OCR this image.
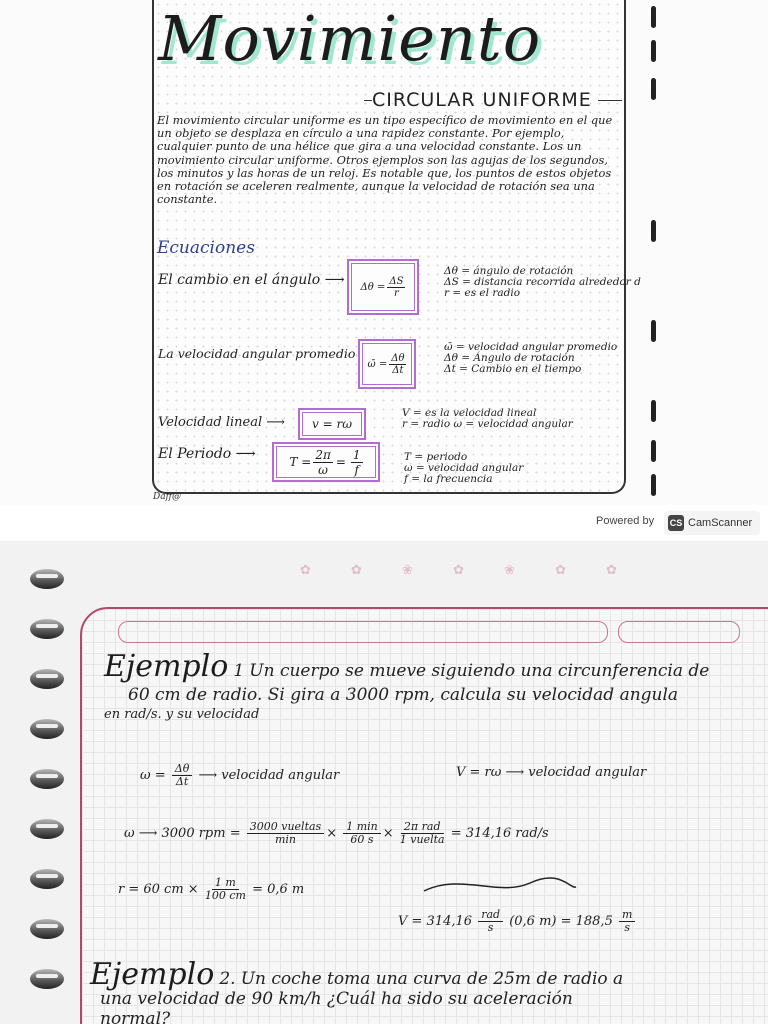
Movimiento
CIRCULAR UNIFORME
El movimiento circular uniforme es un tipo específico de movimiento en el que un objeto se desplaza en círculo a una rapidez constante. Por ejemplo, cualquier punto de una hélice que gira a una velocidad constante. Los un movimiento circular uniforme. Otros ejemplos son las agujas de los segundos, los minutos y las horas de un reloj. Es notable que, los puntos de estos objetos en rotación se aceleren realmente, aunque la velocidad de rotación sea una constante.
Ecuaciones
El cambio en el ángulo ⟶ $\Delta\theta = \frac{\Delta S}{r}$
Δθ = ángulo de rotación
ΔS = distancia recorrida alrededor d
r = es el radio
La velocidad angular promedio
ω̄ = $\frac{\Delta\theta}{\Delta t}$
ω̄ = velocidad angular promedio
Δθ = Ángulo de rotación
Δt = Cambio en el tiempo
Velocidad lineal ⟶ v = rω
V = es la velocidad lineal
r = radio ω = velocidad angular
El Periodo ⟶	$T = \frac{2\pi}{\omega} = \frac{1}{f}$	T = periodo
ω = velocidad angular
f = la frecuencia
Daff@
Powered by CS CamScanner
✿ ✿ ❀ ✿ ❀ ✿ ✿
Ejemplo 1 Un cuerpo se mueve siguiendo una circunferencia de
60 cm de radio. Si gira a 3000 rpm, calcula su velocidad angula
en rad/s. y su velocidad
$\omega = \frac{\Delta\theta}{\Delta t}$ ⟶ velocidad angular	V = rω ⟶ velocidad angular
ω ⟶ 3000 rpm = 3000 vueltas
min × 1 min
60 s × 2π rad
1 vuelta = 314,16 rad/s
r = 60 cm × $\frac{1 m}{100 cm} = 0,6$ m
V = 314,16 rad
s (0,6 $m) = 188,5 \frac{m}{s}$
Ejemplo 2. Un coche toma una curva de 25m de radio a
una velocidad de 90 km/h ¿Cuál ha sido su aceleración
normal?
